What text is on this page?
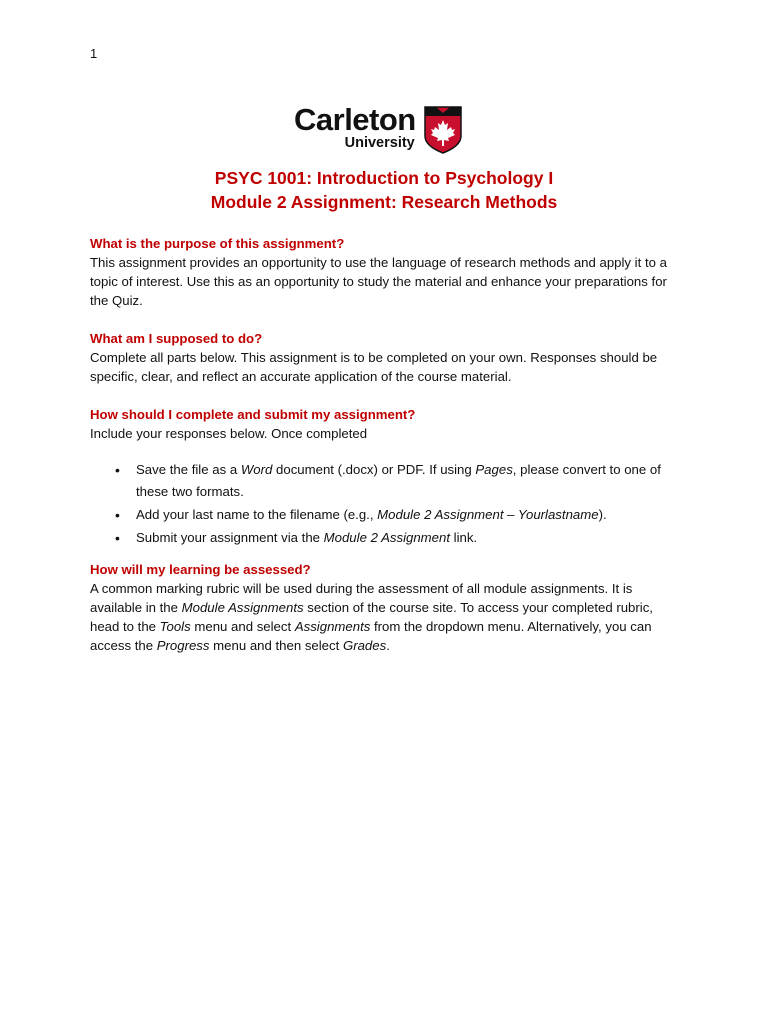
1
Carleton
University
PSYC 1001: Introduction to Psychology I
Module 2 Assignment: Research Methods

What is the purpose of this assignment?

This assignment provides an opportunity to use the language of research methods and apply it to a topic of interest. Use this as an opportunity to study the material and enhance your preparations for the Quiz.

What am I supposed to do?

Complete all parts below. This assignment is to be completed on your own. Responses should be specific, clear, and reflect an accurate application of the course material.

How should I complete and submit my assignment?

Include your responses below. Once completed

• Save the file as a Word document (.docx) or PDF. If using Pages, please convert to one of these two formats.
• Add your last name to the filename (e.g., Module 2 Assignment – Yourlastname).
• Submit your assignment via the Module 2 Assignment link.

How will my learning be assessed?

A common marking rubric will be used during the assessment of all module assignments. It is available in the Module Assignments section of the course site. To access your completed rubric, head to the Tools menu and select Assignments from the dropdown menu. Alternatively, you can access the Progress menu and then select Grades.
